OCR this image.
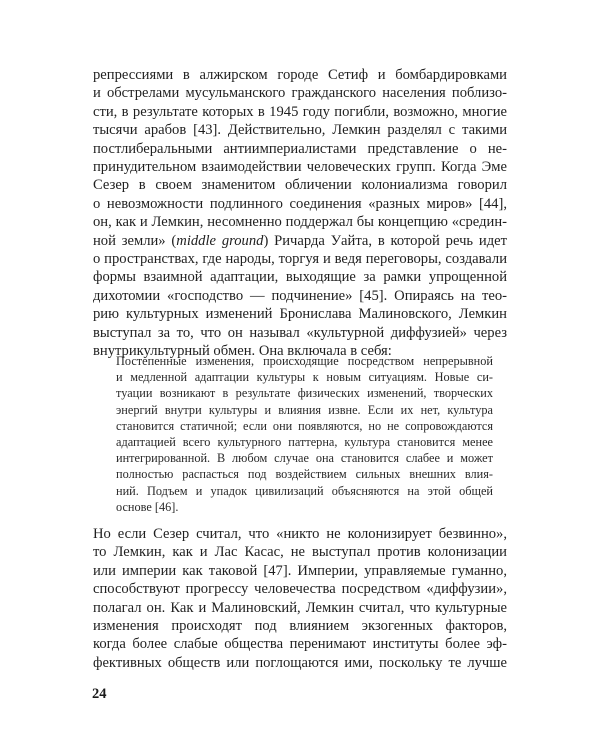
репрессиями в алжирском городе Сетиф и бомбардировками
и обстрелами мусульманского гражданского населения поблизо-
сти, в результате которых в 1945 году погибли, возможно, многие
тысячи арабов [43]. Действительно, Лемкин разделял с такими
постлиберальными антиимпериалистами представление о не-
принудительном взаимодействии человеческих групп. Когда Эме
Сезер в своем знаменитом обличении колониализма говорил
о невозможности подлинного соединения «разных миров» [44],
он, как и Лемкин, несомненно поддержал бы концепцию «средин-
ной земли» (middle ground) Ричарда Уайта, в которой речь идет
о пространствах, где народы, торгуя и ведя переговоры, создавали
формы взаимной адаптации, выходящие за рамки упрощенной
дихотомии «господство — подчинение» [45]. Опираясь на тео-
рию культурных изменений Бронислава Малиновского, Лемкин
выступал за то, что он называл «культурной диффузией» через
внутрикультурный обмен. Она включала в себя:
Постепенные изменения, происходящие посредством непрерывной
и медленной адаптации культуры к новым ситуациям. Новые си-
туации возникают в результате физических изменений, творческих
энергий внутри культуры и влияния извне. Если их нет, культура
становится статичной; если они появляются, но не сопровождаются
адаптацией всего культурного паттерна, культура становится менее
интегрированной. В любом случае она становится слабее и может
полностью распасться под воздействием сильных внешних влия-
ний. Подъем и упадок цивилизаций объясняются на этой общей
основе [46].
Но если Сезер считал, что «никто не колонизирует безвинно»,
то Лемкин, как и Лас Касас, не выступал против колонизации
или империи как таковой [47]. Империи, управляемые гуманно,
способствуют прогрессу человечества посредством «диффузии»,
полагал он. Как и Малиновский, Лемкин считал, что культурные
изменения происходят под влиянием экзогенных факторов,
когда более слабые общества перенимают институты более эф-
фективных обществ или поглощаются ими, поскольку те лучше
24
